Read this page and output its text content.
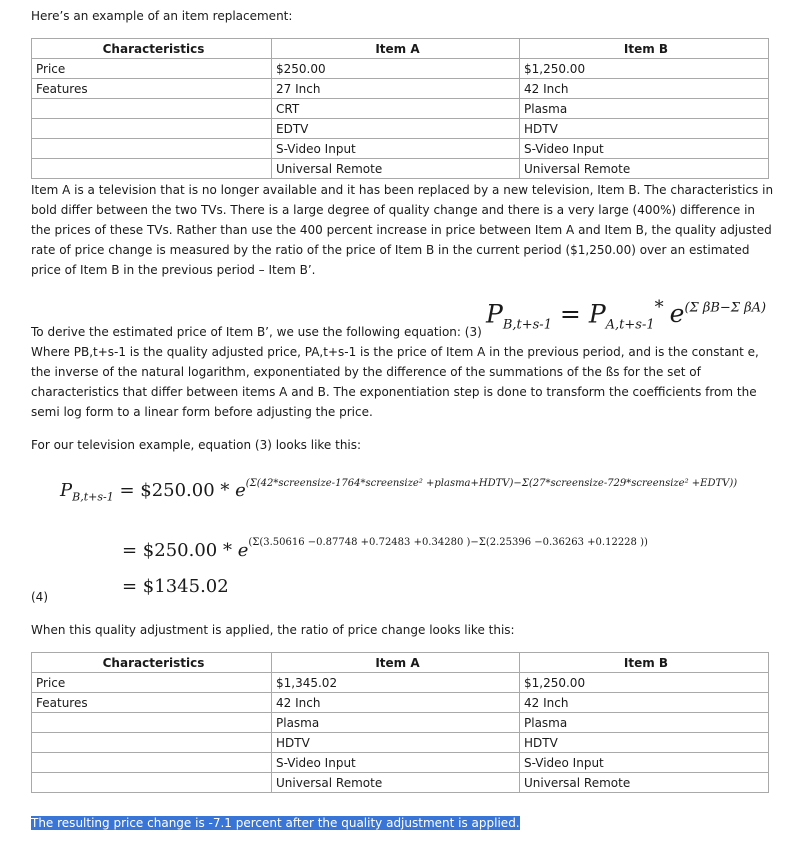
Here’s an example of an item replacement:

Characteristics	Item A	Item B
Price	$250.00	$1,250.00
Features	27 Inch	42 Inch
	CRT	Plasma
	EDTV	HDTV
	S-Video Input	S-Video Input
	Universal Remote	Universal Remote

Item A is a television that is no longer available and it has been replaced by a new television, Item B. The characteristics in bold differ between the two TVs. There is a large degree of quality change and there is a very large (400%) difference in the prices of these TVs. Rather than use the 400 percent increase in price between Item A and Item B, the quality adjusted rate of price change is measured by the ratio of the price of Item B in the current period ($1,250.00) over an estimated price of Item B in the previous period – Item B’.

$P_{B,t+s-1} = P_{A,t+s-1}^*$ $e^{(\Sigma \beta B-\Sigma \beta A)}$

To derive the estimated price of Item B’, we use the following equation: (3)

Where PB,t+s-1 is the quality adjusted price, PA,t+s-1 is the price of Item A in the previous period, and is the constant e, the inverse of the natural logarithm, exponentiated by the difference of the summations of the ßs for the set of characteristics that differ between items A and B. The exponentiation step is done to transform the coefficients from the semi log form to a linear form before adjusting the price.

For our television example, equation (3) looks like this:

$P_{B,t+s-1}$ = $250.00 * $e^{(\Sigma(42*screensize-1764*screensize^2 +plasma+HDTV)-\Sigma(27*screensize-729*screensize^2 +EDTV))}$
= $250.00 * $e^{(\Sigma(3.50616 -0.87748 +0.72483 +0.34280 )-\Sigma(2.25396 -0.36263 +0.12228 ))}$
= $1345.02

(4)

When this quality adjustment is applied, the ratio of price change looks like this:

Characteristics	Item A	Item B
Price	$1,345.02	$1,250.00
Features	42 Inch	42 Inch
	Plasma	Plasma
	HDTV	HDTV
	S-Video Input	S-Video Input
	Universal Remote	Universal Remote

The resulting price change is -7.1 percent after the quality adjustment is applied.
